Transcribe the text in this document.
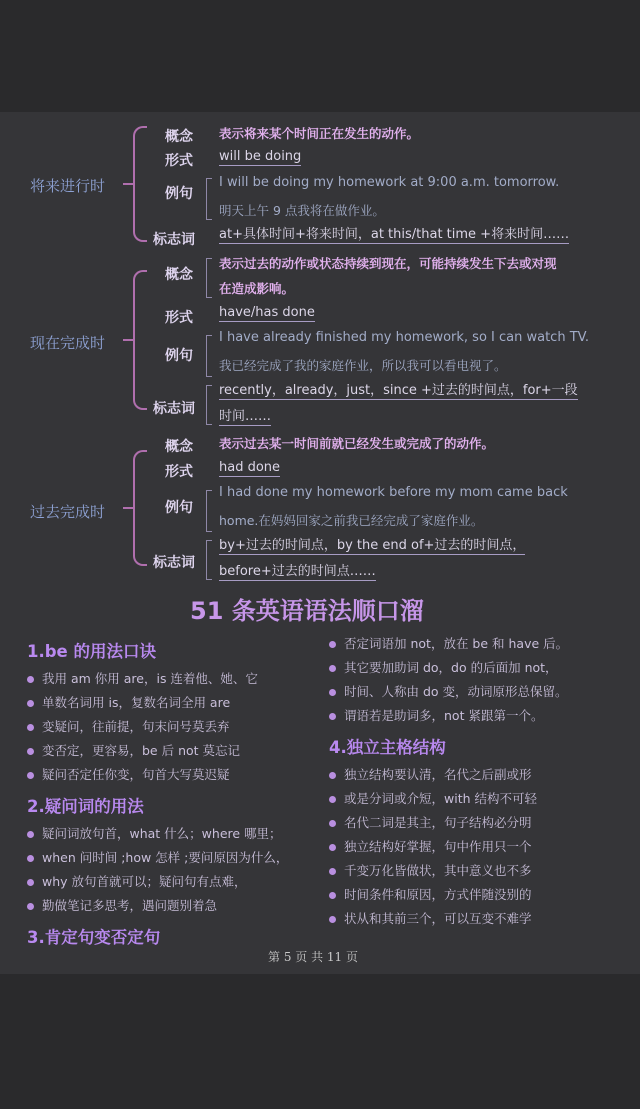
将来进行时
概念 表示将来某个时间正在发生的动作。
形式 will be doing
例句
I will be doing my homework at 9:00 a.m. tomorrow.
明天上午 9 点我将在做作业。
标志词 at+具体时间+将来时间，at this/that time +将来时间……
现在完成时
概念
表示过去的动作或状态持续到现在，可能持续发生下去或对现
在造成影响。
形式 have/has done
例句
I have already finished my homework, so I can watch TV.
我已经完成了我的家庭作业，所以我可以看电视了。
标志词
recently，already，just，since +过去的时间点，for+一段
时间……
过去完成时
概念 表示过去某一时间前就已经发生或完成了的动作。
形式 had done
例句
I had done my homework before my mom came back
home.在妈妈回家之前我已经完成了家庭作业。
标志词
by+过去的时间点，by the end of+过去的时间点，
before+过去的时间点……
51 条英语语法顺口溜
1.be 的用法口诀
我用 am 你用 are，is 连着他、她、它
单数名词用 is，复数名词全用 are
变疑问，往前提，句末问号莫丢弃
变否定，更容易，be 后 not 莫忘记
疑问否定任你变，句首大写莫迟疑
2.疑问词的用法
疑问词放句首，what 什么；where 哪里；
when 问时间 ;how 怎样 ;要问原因为什么，
why 放句首就可以；疑问句有点难，
勤做笔记多思考，遇问题别着急
3.肯定句变否定句
否定词语加 not，放在 be 和 have 后。
其它要加助词 do，do 的后面加 not，
时间、人称由 do 变，动词原形总保留。
谓语若是助词多，not 紧跟第一个。
4.独立主格结构
独立结构要认清，名代之后副或形
或是分词或介短，with 结构不可轻
名代二词是其主，句子结构必分明
独立结构好掌握，句中作用只一个
千变万化皆做状，其中意义也不多
时间条件和原因，方式伴随没别的
状从和其前三个，可以互变不难学
第 5 页 共 11 页
